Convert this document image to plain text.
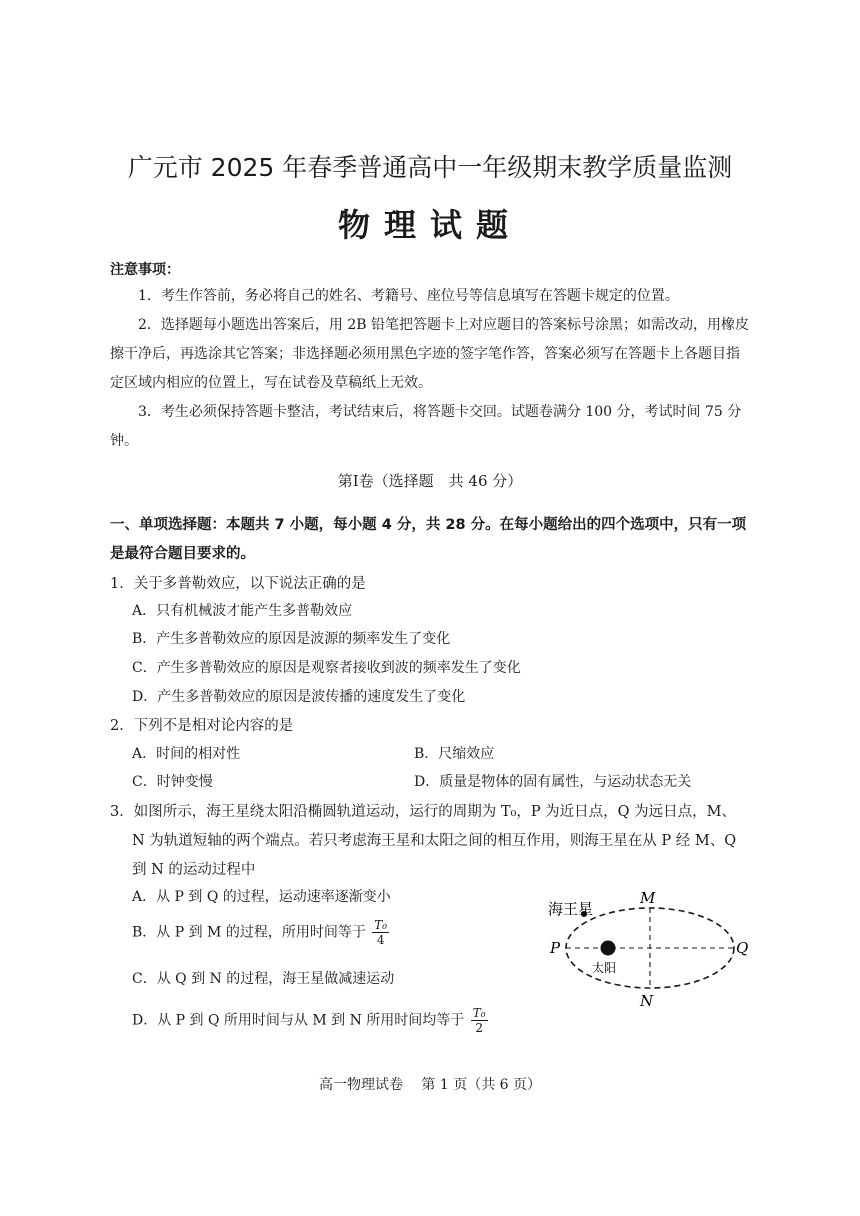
广元市 2025 年春季普通高中一年级期末教学质量监测
物理试题
注意事项：
1．考生作答前，务必将自己的姓名、考籍号、座位号等信息填写在答题卡规定的位置。
2．选择题每小题选出答案后，用 2B 铅笔把答题卡上对应题目的答案标号涂黑；如需改动，用橡皮擦干净后，再选涂其它答案；非选择题必须用黑色字迹的签字笔作答，答案必须写在答题卡上各题目指定区域内相应的位置上，写在试卷及草稿纸上无效。
3．考生必须保持答题卡整洁，考试结束后，将答题卡交回。试题卷满分 100 分，考试时间 75 分钟。
第Ⅰ卷（选择题　共 46 分）
一、单项选择题：本题共 7 小题，每小题 4 分，共 28 分。在每小题给出的四个选项中，只有一项是最符合题目要求的。
1．关于多普勒效应，以下说法正确的是
A．只有机械波才能产生多普勒效应
B．产生多普勒效应的原因是波源的频率发生了变化
C．产生多普勒效应的原因是观察者接收到波的频率发生了变化
D．产生多普勒效应的原因是波传播的速度发生了变化
2．下列不是相对论内容的是
A．时间的相对性	B．尺缩效应
C．时钟变慢	D．质量是物体的固有属性，与运动状态无关
3．如图所示，海王星绕太阳沿椭圆轨道运动，运行的周期为 T₀，P 为近日点，Q 为远日点，M、
N 为轨道短轴的两个端点。若只考虑海王星和太阳之间的相互作用，则海王星在从 P 经 M、Q
到 N 的运动过程中
A．从 P 到 Q 的过程，运动速率逐渐变小
B．从 P 到 M 的过程，所用时间等于 $\frac{\text{T₀}}{4}$
C．从 Q 到 N 的过程，海王星做减速运动
D．从 P 到 Q 所用时间与从 M 到 N 所用时间均等于 $\frac{\text{T₀}}{2}$
海王星
太阳
P	Q
M
N
高一物理试卷　 第 1 页（共 6 页）
